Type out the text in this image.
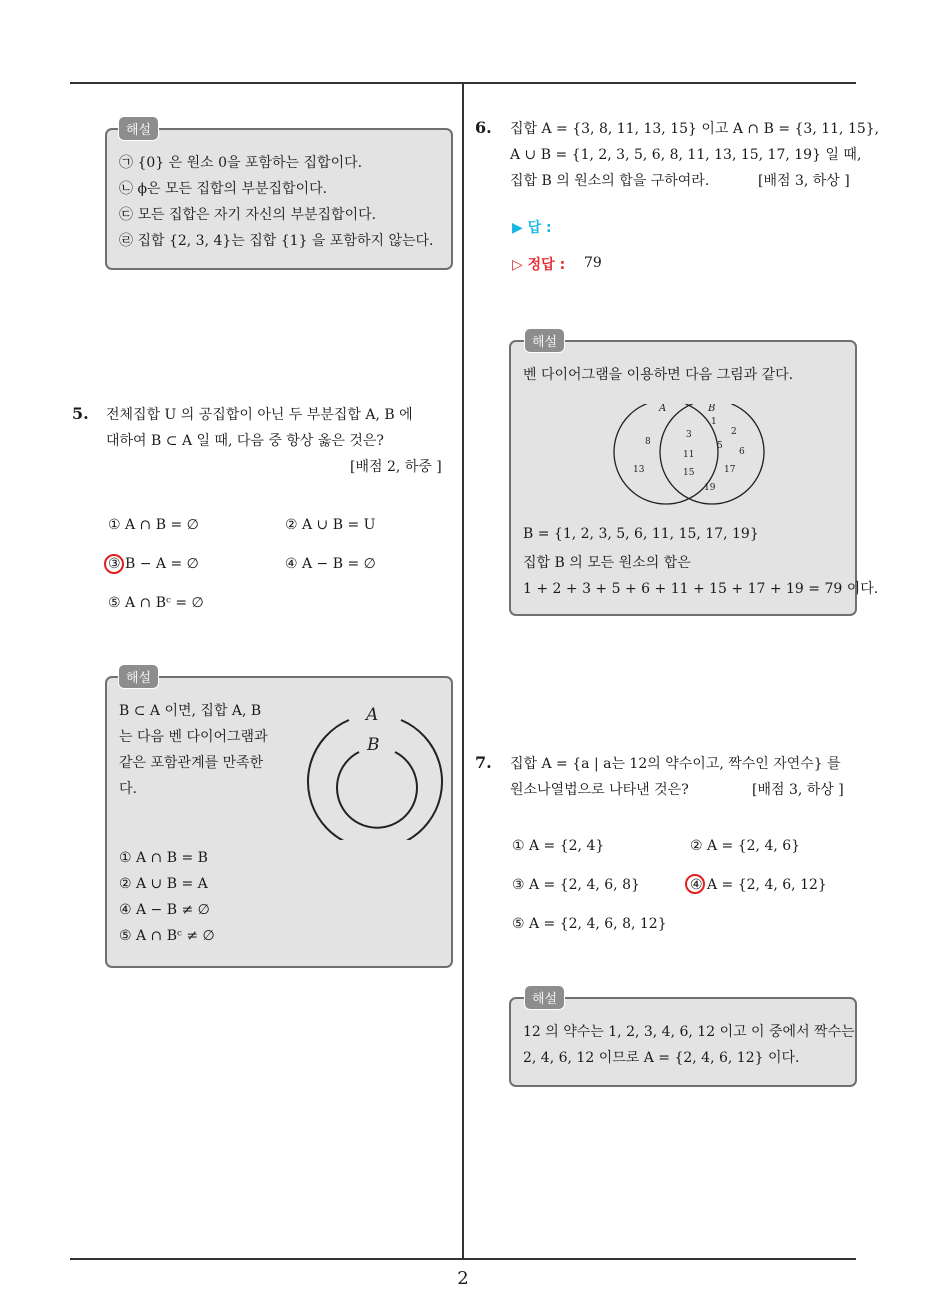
2
㉠ {0} 은 원소 0을 포함하는 집합이다.
㉡ ϕ은 모든 집합의 부분집합이다.
㉢ 모든 집합은 자기 자신의 부분집합이다.
㉣ 집합 {2, 3, 4}는 집합 {1} 을 포함하지 않는다.
해설
5. 전체집합 U 의 공집합이 아닌 두 부분집합 A, B 에
대하여 B ⊂ A 일 때, 다음 중 항상 옳은 것은?
[배점 2, 하중 ]
① A ∩ B = ∅	② A ∪ B = U
③ B − A = ∅	④ A − B = ∅
⑤ A ∩ Bᶜ = ∅
B ⊂ A 이면, 집합 A, B
는 다음 벤 다이어그램과
같은 포함관계를 만족한
다.
A
B
① A ∩ B = B
② A ∪ B = A
④ A − B ≠ ∅
⑤ A ∩ Bᶜ ≠ ∅
해설
6. 집합 A = {3, 8, 11, 13, 15} 이고 A ∩ B = {3, 11, 15},
A ∪ B = {1, 2, 3, 5, 6, 8, 11, 13, 15, 17, 19} 일 때,
집합 B 의 원소의 합을 구하여라.	[배점 3, 하상 ]
▶ 답 :
▷ 정답 : 79
벤 다이어그램을 이용하면 다음 그림과 같다.
A	B
8
13
3
11
15
1
2
5
6
17
19
B = {1, 2, 3, 5, 6, 11, 15, 17, 19}
집합 B 의 모든 원소의 합은
1 + 2 + 3 + 5 + 6 + 11 + 15 + 17 + 19 = 79 이다.
해설
7. 집합 A = {a | a는 12의 약수이고, 짝수인 자연수} 를
원소나열법으로 나타낸 것은?	[배점 3, 하상 ]
① A = {2, 4}	② A = {2, 4, 6}
③ A = {2, 4, 6, 8}	④ A = {2, 4, 6, 12}
⑤ A = {2, 4, 6, 8, 12}
12 의 약수는 1, 2, 3, 4, 6, 12 이고 이 중에서 짝수는
2, 4, 6, 12 이므로 A = {2, 4, 6, 12} 이다.
해설
